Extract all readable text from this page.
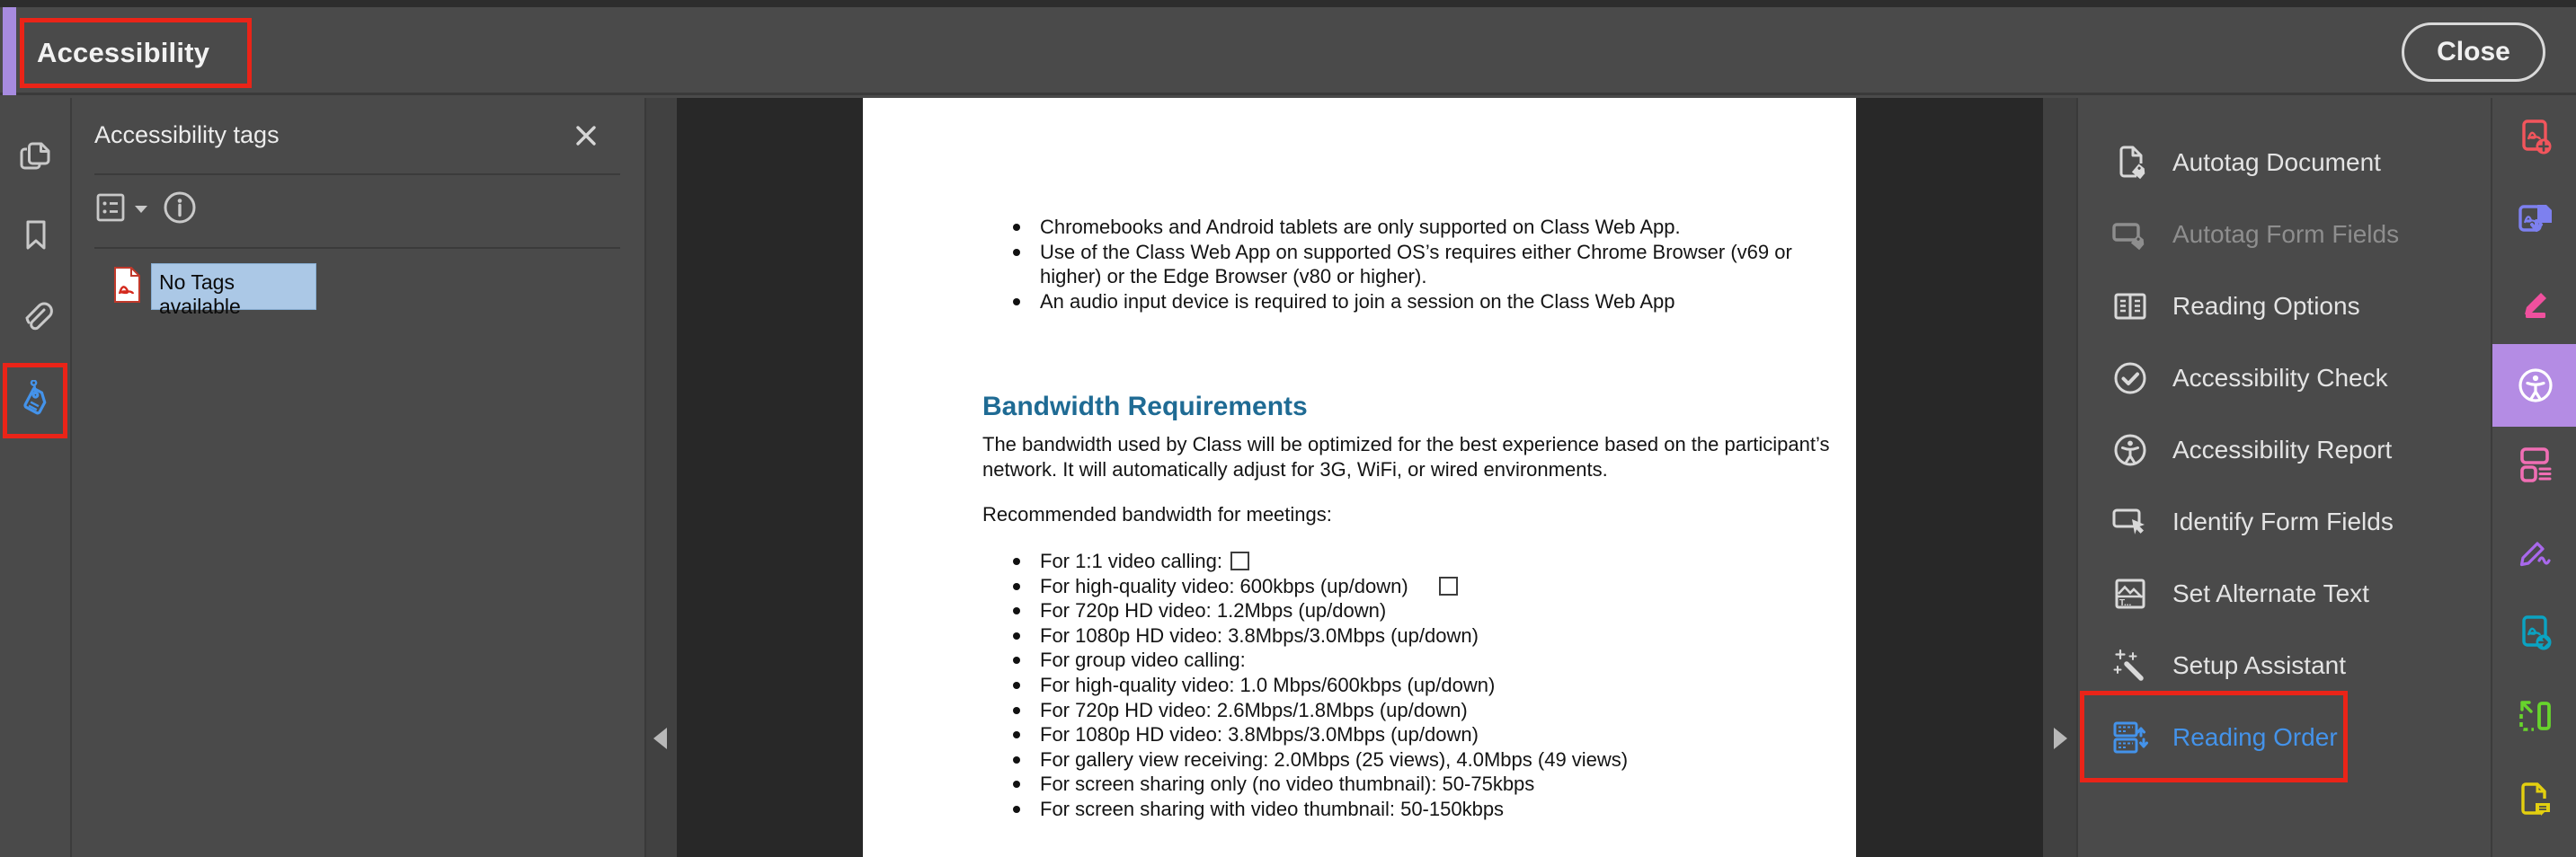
Accessibility	Close
Accessibility tags
No Tags available
Chromebooks and Android tablets are only supported on Class Web App.
Use of the Class Web App on supported OS’s requires either Chrome Browser (v69 or higher) or the Edge Browser (v80 or higher).
An audio input device is required to join a session on the Class Web App
Bandwidth Requirements
The bandwidth used by Class will be optimized for the best experience based on the participant’s network. It will automatically adjust for 3G, WiFi, or wired environments.
Recommended bandwidth for meetings:
For 1:1 video calling:
For high-quality video: 600kbps (up/down)
For 720p HD video: 1.2Mbps (up/down)
For 1080p HD video: 3.8Mbps/3.0Mbps (up/down)
For group video calling:
For high-quality video: 1.0 Mbps/600kbps (up/down)
For 720p HD video: 2.6Mbps/1.8Mbps (up/down)
For 1080p HD video: 3.8Mbps/3.0Mbps (up/down)
For gallery view receiving: 2.0Mbps (25 views), 4.0Mbps (49 views)
For screen sharing only (no video thumbnail): 50-75kbps
For screen sharing with video thumbnail: 50-150kbps
Autotag Document
Autotag Form Fields
Reading Options
Accessibility Check
Accessibility Report
Identify Form Fields
T... Set Alternate Text
Setup Assistant
Reading Order
